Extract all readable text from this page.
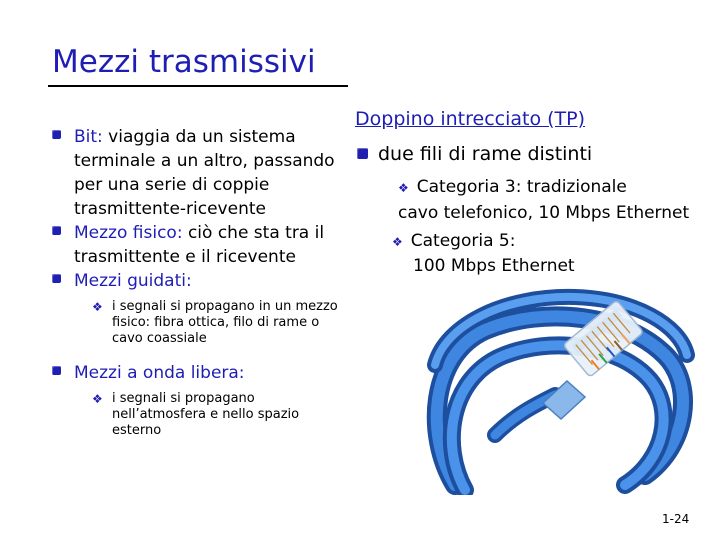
Mezzi trasmissivi
Bit: viaggia da un sistema
terminale a un altro, passando
per una serie di coppie
trasmittente-ricevente
Mezzo fisico: ciò che sta tra il
trasmittente e il ricevente
Mezzi guidati:
❖ i segnali si propagano in un mezzo
fisico: fibra ottica, filo di rame o
cavo coassiale
Mezzi a onda libera:
❖ i segnali si propagano
nell’atmosfera e nello spazio
esterno
Doppino intrecciato (TP)
due fili di rame distinti
❖ Categoria 3: tradizionale
cavo telefonico, 10 Mbps Ethernet
❖ Categoria 5:
100 Mbps Ethernet
1-24
